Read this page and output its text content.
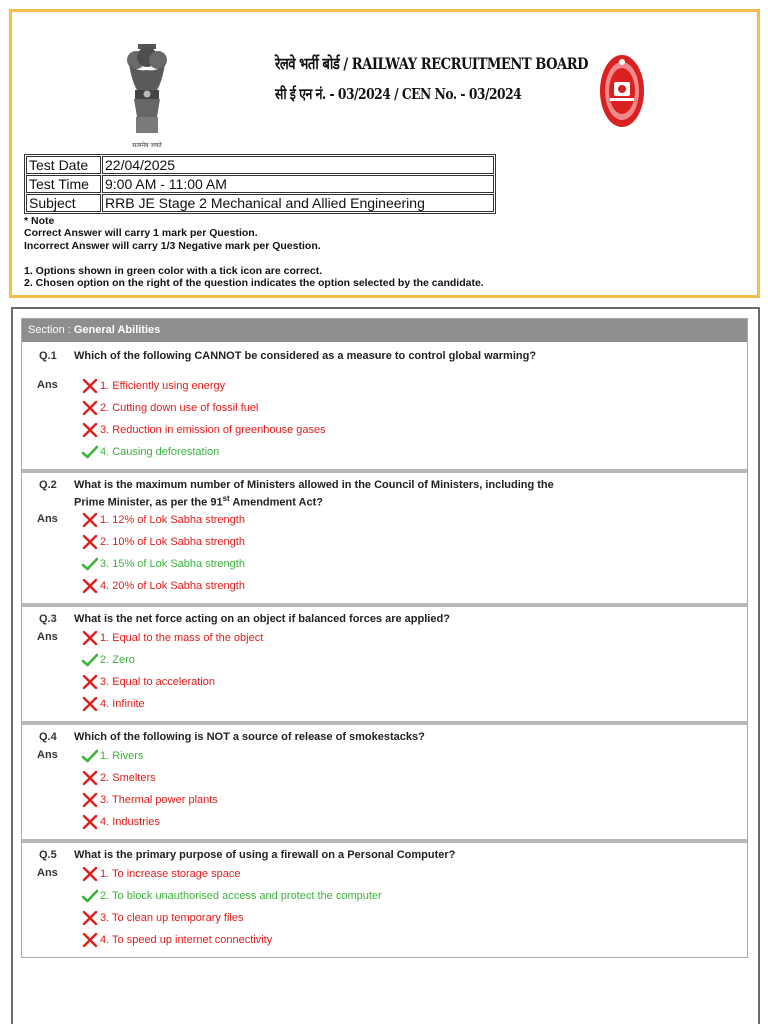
सत्यमेव जयते
रेलवे भर्ती बोर्ड / RAILWAY RECRUITMENT BOARD
सी ई एन नं. - 03/2024 / CEN No. - 03/2024
Test Date	22/04/2025
Test Time	9:00 AM - 11:00 AM
Subject	RRB JE Stage 2 Mechanical and Allied Engineering
* Note
Correct Answer will carry 1 mark per Question.
Incorrect Answer will carry 1/3 Negative mark per Question.
1. Options shown in green color with a tick icon are correct.
2. Chosen option on the right of the question indicates the option selected by the candidate.
Section : General Abilities
Q.1 Which of the following CANNOT be considered as a measure to control global warming?
Ans	1. Efficiently using energy
2. Cutting down use of fossil fuel
3. Reduction in emission of greenhouse gases
4. Causing deforestation
Q.2 What is the maximum number of Ministers allowed in the Council of Ministers, including the Prime Minister, as per the 91st Amendment Act?
Ans	1. 12% of Lok Sabha strength
2. 10% of Lok Sabha strength
3. 15% of Lok Sabha strength
4. 20% of Lok Sabha strength
Q.3 What is the net force acting on an object if balanced forces are applied?
Ans	1. Equal to the mass of the object
2. Zero
3. Equal to acceleration
4. Infinite
Q.4 Which of the following is NOT a source of release of smokestacks?
Ans	1. Rivers
2. Smelters
3. Thermal power plants
4. Industries
Q.5 What is the primary purpose of using a firewall on a Personal Computer?
Ans	1. To increase storage space
2. To block unauthorised access and protect the computer
3. To clean up temporary files
4. To speed up internet connectivity
